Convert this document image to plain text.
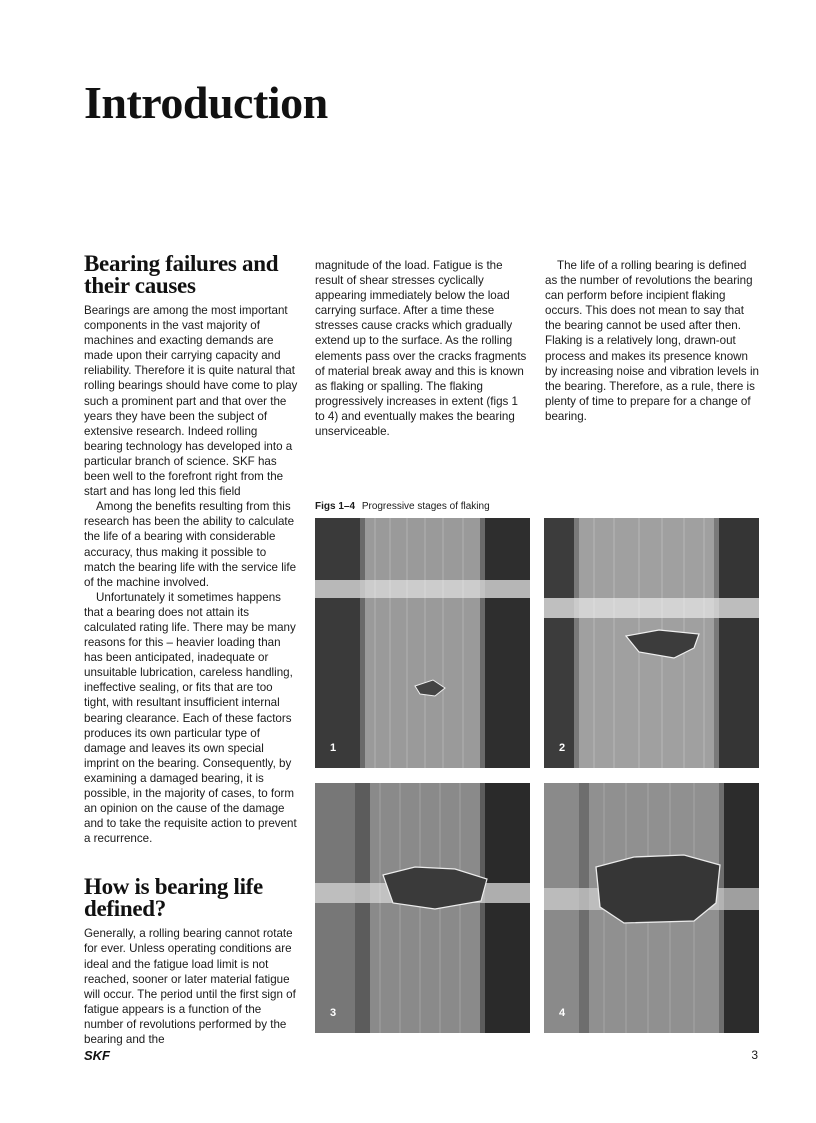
Introduction
Bearing failures and
their causes

Bearings are among the most important components in the vast majority of machines and exacting demands are made upon their carrying capacity and reliability. Therefore it is quite natural that rolling bearings should have come to play such a prominent part and that over the years they have been the subject of extensive research. Indeed rolling bearing technology has developed into a particular branch of science. SKF has been well to the forefront right from the start and has long led this field

Among the benefits resulting from this research has been the ability to calculate the life of a bearing with considerable accuracy, thus making it possible to match the bearing life with the service life of the machine involved.

Unfortunately it sometimes happens that a bearing does not attain its calculated rating life. There may be many reasons for this – heavier loading than has been anticipated, inadequate or unsuitable lubrication, careless handling, ineffective sealing, or fits that are too tight, with resultant insufficient internal bearing clearance. Each of these factors produces its own particular type of damage and leaves its own special imprint on the bearing. Consequently, by examining a damaged bearing, it is possible, in the majority of cases, to form an opinion on the cause of the damage and to take the requisite action to prevent a recurrence.

How is bearing life
defined?

Generally, a rolling bearing cannot rotate for ever. Unless operating conditions are ideal and the fatigue load limit is not reached, sooner or later material fatigue will occur. The period until the first sign of fatigue appears is a function of the number of revolutions performed by the bearing and the

magnitude of the load. Fatigue is the result of shear stresses cyclically appearing immediately below the load carrying surface. After a time these stresses cause cracks which gradually extend up to the surface. As the rolling elements pass over the cracks fragments of material break away and this is known as flaking or spalling. The flaking progressively increases in extent (figs 1 to 4) and eventually makes the bearing unserviceable.

The life of a rolling bearing is defined as the number of revolutions the bearing can perform before incipient flaking occurs. This does not mean to say that the bearing cannot be used after then. Flaking is a relatively long, drawn-out process and makes its presence known by increasing noise and vibration levels in the bearing. Therefore, as a rule, there is plenty of time to prepare for a change of bearing.

Figs 1–4 Progressive stages of flaking
1	2
3	4
SKF	3
